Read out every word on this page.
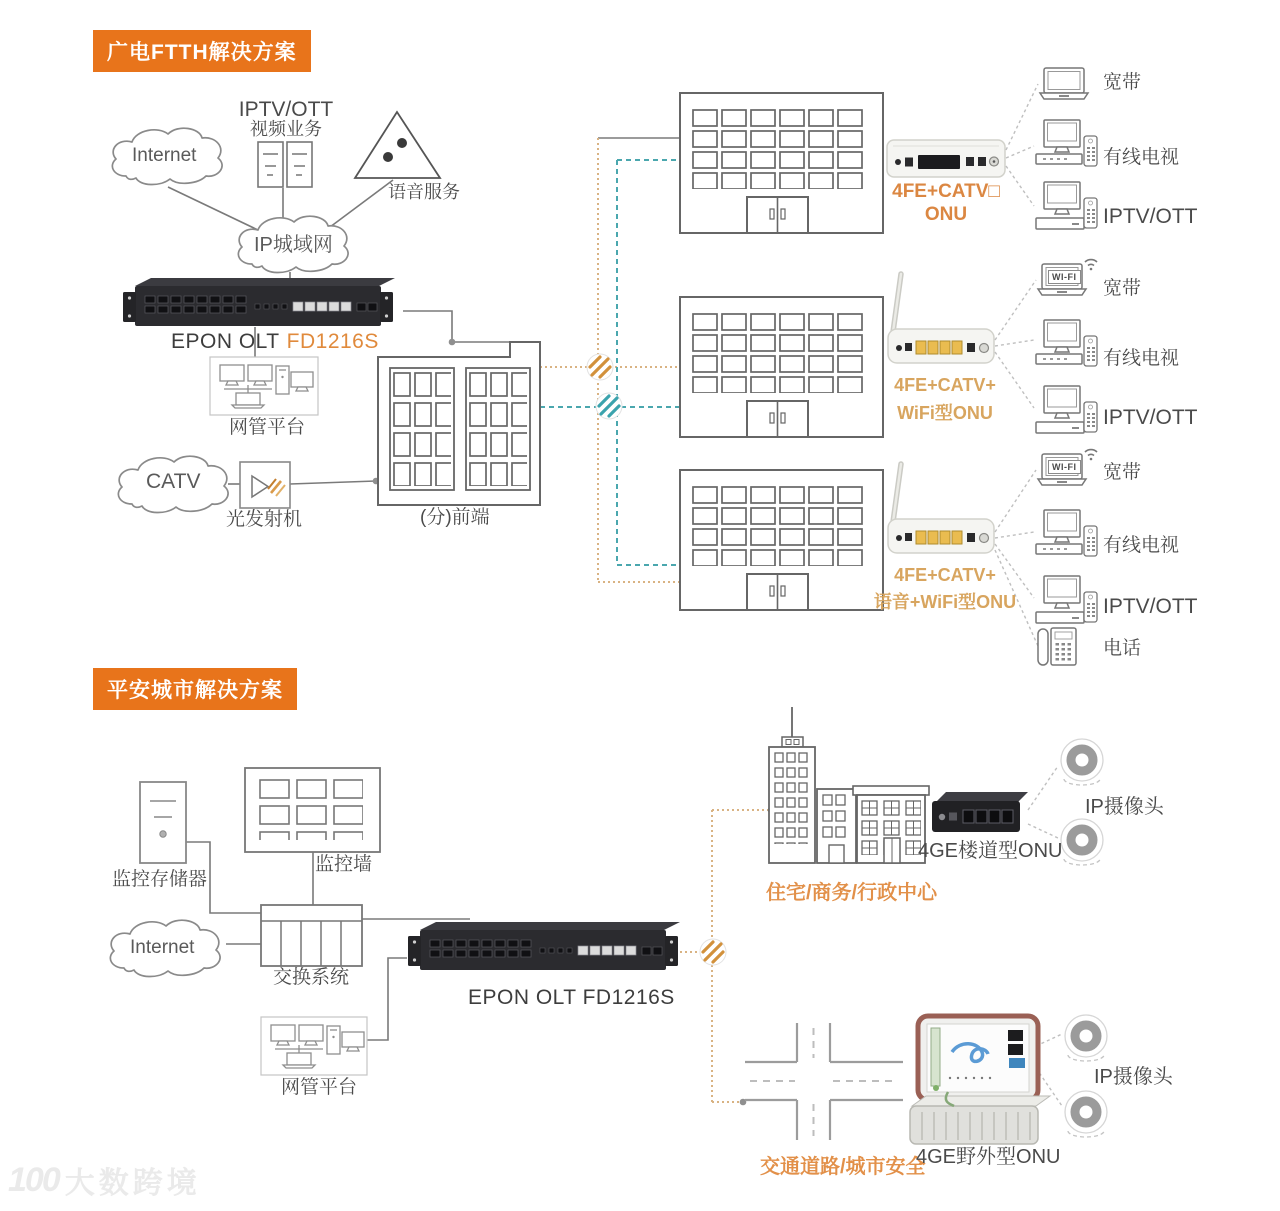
广电FTTH解决方案
Internet
IPTV/OTT
视频业务
语音服务
IP城域网
EPON OLT FD1216S
网管平台
CATV
光发射机	(分)前端
4FE+CATV□
ONU
4FE+CATV+
WiFi型ONU
4FE+CATV+
语音+WiFi型ONU
宽带
有线电视
IPTV/OTT
宽带
有线电视
IPTV/OTT
宽带
有线电视
IPTV/OTT
电话
WI-FI
WI-FI
平安城市解决方案
监控存储器
监控墙
Internet
交换系统
EPON OLT FD1216S
网管平台
住宅/商务/行政中心
4GE楼道型ONU
IP摄像头
交通道路/城市安全
4GE野外型ONU
IP摄像头
100 大数跨境
